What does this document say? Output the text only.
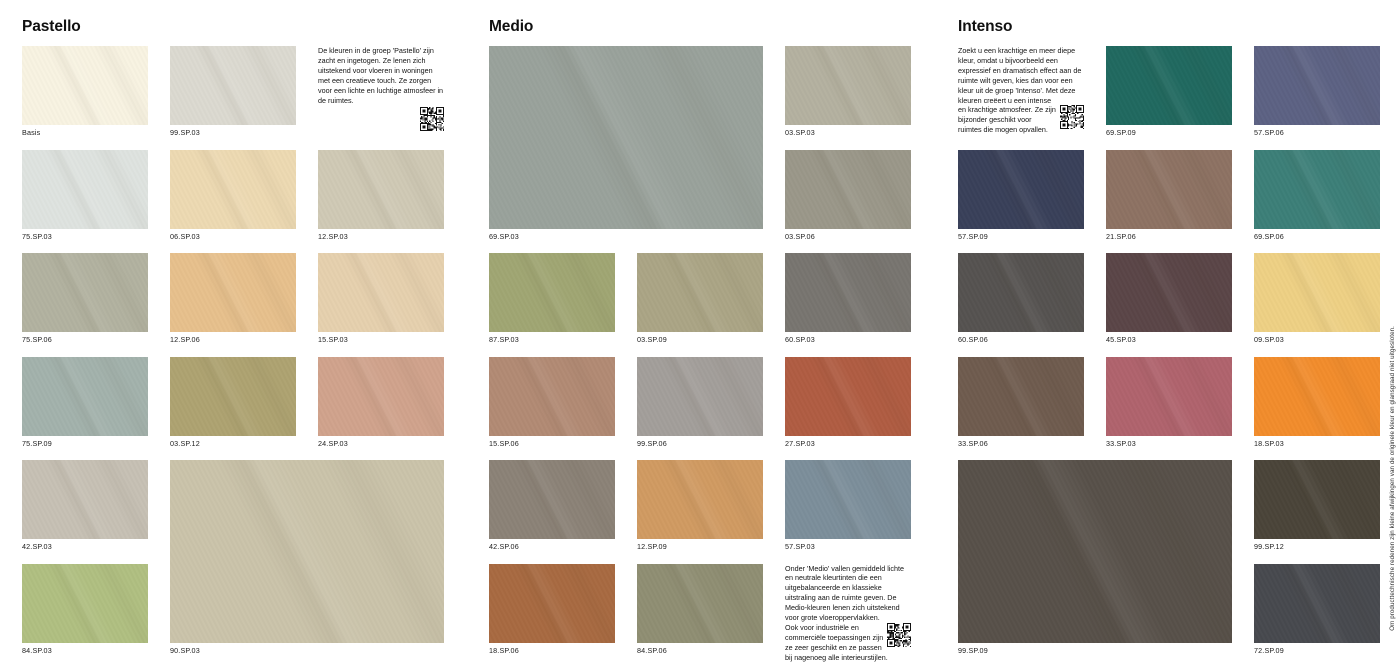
Pastello	Medio	Intenso
Basis	99.SP.03

De kleuren in de groep 'Pastello' zijn zacht en ingetogen. Ze lenen zich uitstekend voor vloeren in woningen met een creatieve touch. Ze zorgen voor een lichte en luchtige atmosfeer in de ruimtes.

75.SP.03	06.SP.03	12.SP.03
75.SP.06	12.SP.06	15.SP.03
75.SP.09	03.SP.12	24.SP.03
42.SP.03
90.SP.03
84.SP.03
69.SP.03
03.SP.03
03.SP.06
87.SP.03	03.SP.09	60.SP.03
15.SP.06	99.SP.06	27.SP.03
42.SP.06	12.SP.09	57.SP.03
18.SP.06	84.SP.06

Onder 'Medio' vallen gemiddeld lichte en neutrale kleurtinten die een uitgebalanceerde en klassieke uitstraling aan de ruimte geven. De Medio-kleuren lenen zich uitstekend voor grote vloeroppervlakken. Ook voor industriële en commerciële toepassingen zijn ze zeer geschikt en ze passen bij nagenoeg alle interieurstijlen.

Zoekt u een krachtige en meer diepe kleur, omdat u bijvoorbeeld een expressief en dramatisch effect aan de ruimte wilt geven, kies dan voor een kleur uit de groep 'Intenso'. Met deze kleuren creëert u een intense en krachtige atmosfeer. Ze zijn bijzonder geschikt voor ruimtes die mogen opvallen.	69.SP.09	57.SP.06
57.SP.09	21.SP.06	69.SP.06
60.SP.06	45.SP.03	09.SP.03
33.SP.06	33.SP.03	18.SP.03
99.SP.09
99.SP.12
72.SP.09
Om producttechnische redenen zijn kleine afwijkingen van de originele kleur en glansgraad niet uitgesloten.
